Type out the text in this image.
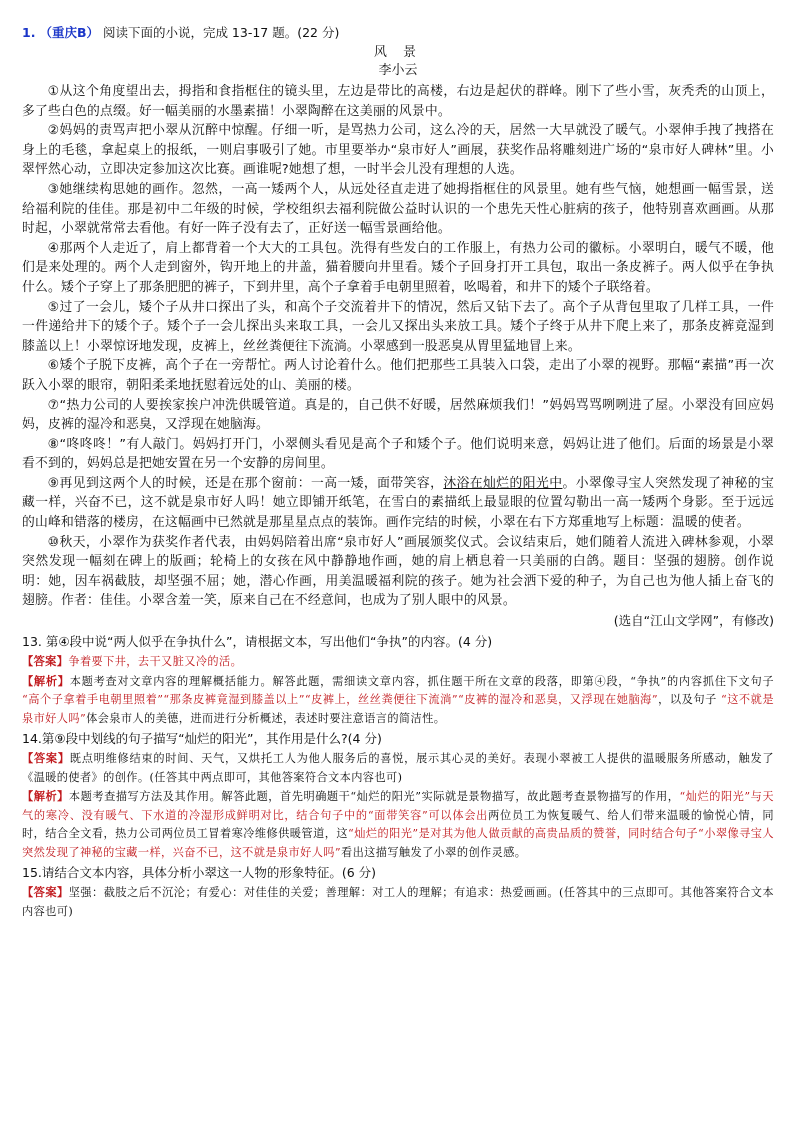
1. （重庆B） 阅读下面的小说，完成 13-17 题。(22 分)
风 景
李小云

①从这个角度望出去，拇指和食指框住的镜头里，左边是带比的高楼，右边是起伏的群峰。刚下了些小雪，灰秃秃的山顶上，多了些白色的点缀。好一幅美丽的水墨素描！小翠陶醉在这美丽的风景中。

②妈妈的责骂声把小翠从沉醉中惊醒。仔细一听，是骂热力公司，这么冷的天，居然一大早就没了暖气。小翠伸手拽了拽搭在身上的毛毯，拿起桌上的报纸，一则启事吸引了她。市里要举办“泉市好人”画展，获奖作品将雕刻进广场的“泉市好人碑林”里。小翠怦然心动，立即决定参加这次比赛。画谁呢?她想了想，一时半会儿没有理想的人选。

③她继续构思她的画作。忽然，一高一矮两个人，从远处径直走进了她拇指框住的风景里。她有些气恼，她想画一幅雪景，送给福利院的佳佳。那是初中二年级的时候，学校组织去福利院做公益时认识的一个患先天性心脏病的孩子，他特别喜欢画画。从那时起，小翠就常常去看他。有好一阵子没有去了，正好送一幅雪景画给他。

④那两个人走近了，肩上都背着一个大大的工具包。洗得有些发白的工作服上，有热力公司的徽标。小翠明白，暖气不暖，他们是来处理的。两个人走到窗外，钩开地上的井盖，猫着腰向井里看。矮个子回身打开工具包，取出一条皮裤子。两人似乎在争执什么。矮个子穿上了那条肥肥的裤子，下到井里，高个子拿着手电朝里照着，吆喝着，和井下的矮个子联络着。

⑤过了一会儿，矮个子从井口探出了头，和高个子交流着井下的情况，然后又钻下去了。高个子从背包里取了几样工具，一件一件递给井下的矮个子。矮个子一会儿探出头来取工具，一会儿又探出头来放工具。矮个子终于从井下爬上来了，那条皮裤竟湿到膝盖以上！小翠惊讶地发现，皮裤上，丝丝粪便往下流淌。小翠感到一股恶臭从胃里猛地冒上来。

⑥矮个子脱下皮裤，高个子在一旁帮忙。两人讨论着什么。他们把那些工具装入口袋，走出了小翠的视野。那幅“素描”再一次跃入小翠的眼帘，朝阳柔柔地抚慰着远处的山、美丽的楼。

⑦“热力公司的人要挨家挨户冲洗供暖管道。真是的，自己供不好暖，居然麻烦我们！”妈妈骂骂咧咧进了屋。小翠没有回应妈妈，皮裤的湿冷和恶臭，又浮现在她脑海。

⑧“咚咚咚！”有人敲门。妈妈打开门，小翠侧头看见是高个子和矮个子。他们说明来意，妈妈让进了他们。后面的场景是小翠看不到的，妈妈总是把她安置在另一个安静的房间里。

⑨再见到这两个人的时候，还是在那个窗前：一高一矮，面带笑容，沐浴在灿烂的阳光中。小翠像寻宝人突然发现了神秘的宝藏一样，兴奋不已，这不就是泉市好人吗！她立即铺开纸笔，在雪白的素描纸上最显眼的位置勾勒出一高一矮两个身影。至于远远的山峰和错落的楼房，在这幅画中已然就是那星星点点的装饰。画作完结的时候，小翠在右下方郑重地写上标题：温暖的使者。

⑩秋天，小翠作为获奖作者代表，由妈妈陪着出席“泉市好人”画展颁奖仪式。会议结束后，她们随着人流进入碑林参观，小翠突然发现一幅刻在碑上的版画；轮椅上的女孩在风中静静地作画，她的肩上栖息着一只美丽的白鸽。题目：坚强的翅膀。创作说明：她，因车祸截肢，却坚强不屈；她，潜心作画，用美温暖福利院的孩子。她为社会洒下爱的种子，为自己也为他人插上奋飞的翅膀。作者：佳佳。小翠含羞一笑，原来自己在不经意间，也成为了别人眼中的风景。

(选自“江山文学网”，有修改)

13. 第④段中说“两人似乎在争执什么”，请根据文本，写出他们“争执”的内容。(4 分)

【答案】争着要下井，去干又脏又冷的活。

【解析】本题考查对文章内容的理解概括能力。解答此题，需细读文章内容，抓住题干所在文章的段落，即第④段，“争执”的内容抓住下文句子 “高个子拿着手电朝里照着”“那条皮裤竟湿到膝盖以上”“皮裤上，丝丝粪便往下流淌”“皮裤的湿冷和恶臭，又浮现在她脑海”，以及句子 “这不就是泉市好人吗”体会泉市人的美德，进而进行分析概述，表述时要注意语言的简洁性。

14.第⑨段中划线的句子描写“灿烂的阳光”，其作用是什么?(4 分)

【答案】既点明维修结束的时间、天气，又烘托工人为他人服务后的喜悦，展示其心灵的美好。表现小翠被工人提供的温暖服务所感动，触发了《温暖的使者》的创作。(任答其中两点即可，其他答案符合文本内容也可)

【解析】本题考查描写方法及其作用。解答此题，首先明确题干“灿烂的阳光”实际就是景物描写，故此题考查景物描写的作用，“灿烂的阳光”与天气的寒冷、没有暖气、下水道的冷湿形成鲜明对比，结合句子中的“面带笑容”可以体会出两位员工为恢复暖气、给人们带来温暖的愉悦心情，同时，结合全文看，热力公司两位员工冒着寒冷维修供暖管道，这“灿烂的阳光”是对其为他人做贡献的高贵品质的赞誉，同时结合句子“小翠像寻宝人突然发现了神秘的宝藏一样，兴奋不已，这不就是泉市好人吗”看出这描写触发了小翠的创作灵感。

15.请结合文本内容，具体分析小翠这一人物的形象特征。(6 分)

【答案】坚强：截肢之后不沉沦；有爱心：对佳佳的关爱；善理解：对工人的理解；有追求：热爱画画。(任答其中的三点即可。其他答案符合文本内容也可)
